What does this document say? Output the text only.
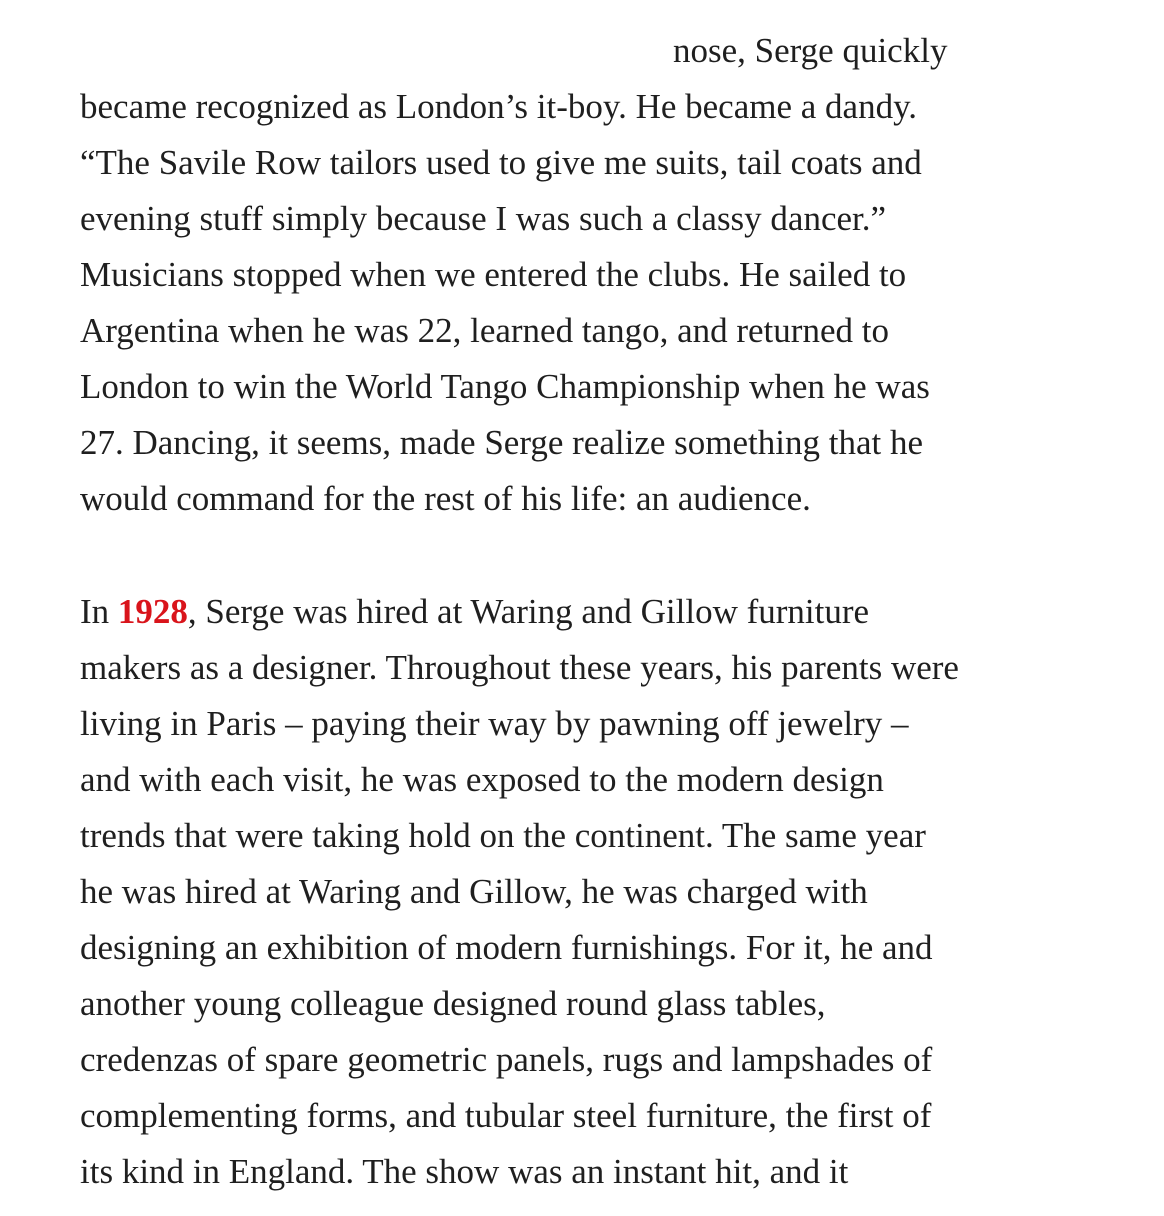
nose, Serge quickly
became recognized as London’s it-boy. He became a dandy.
“The Savile Row tailors used to give me suits, tail coats and
evening stuff simply because I was such a classy dancer.”
Musicians stopped when we entered the clubs. He sailed to
Argentina when he was 22, learned tango, and returned to
London to win the World Tango Championship when he was
27. Dancing, it seems, made Serge realize something that he
would command for the rest of his life: an audience.
In 1928, Serge was hired at Waring and Gillow furniture
makers as a designer. Throughout these years, his parents were
living in Paris – paying their way by pawning off jewelry –
and with each visit, he was exposed to the modern design
trends that were taking hold on the continent. The same year
he was hired at Waring and Gillow, he was charged with
designing an exhibition of modern furnishings. For it, he and
another young colleague designed round glass tables,
credenzas of spare geometric panels, rugs and lampshades of
complementing forms, and tubular steel furniture, the first of
its kind in England. The show was an instant hit, and it
